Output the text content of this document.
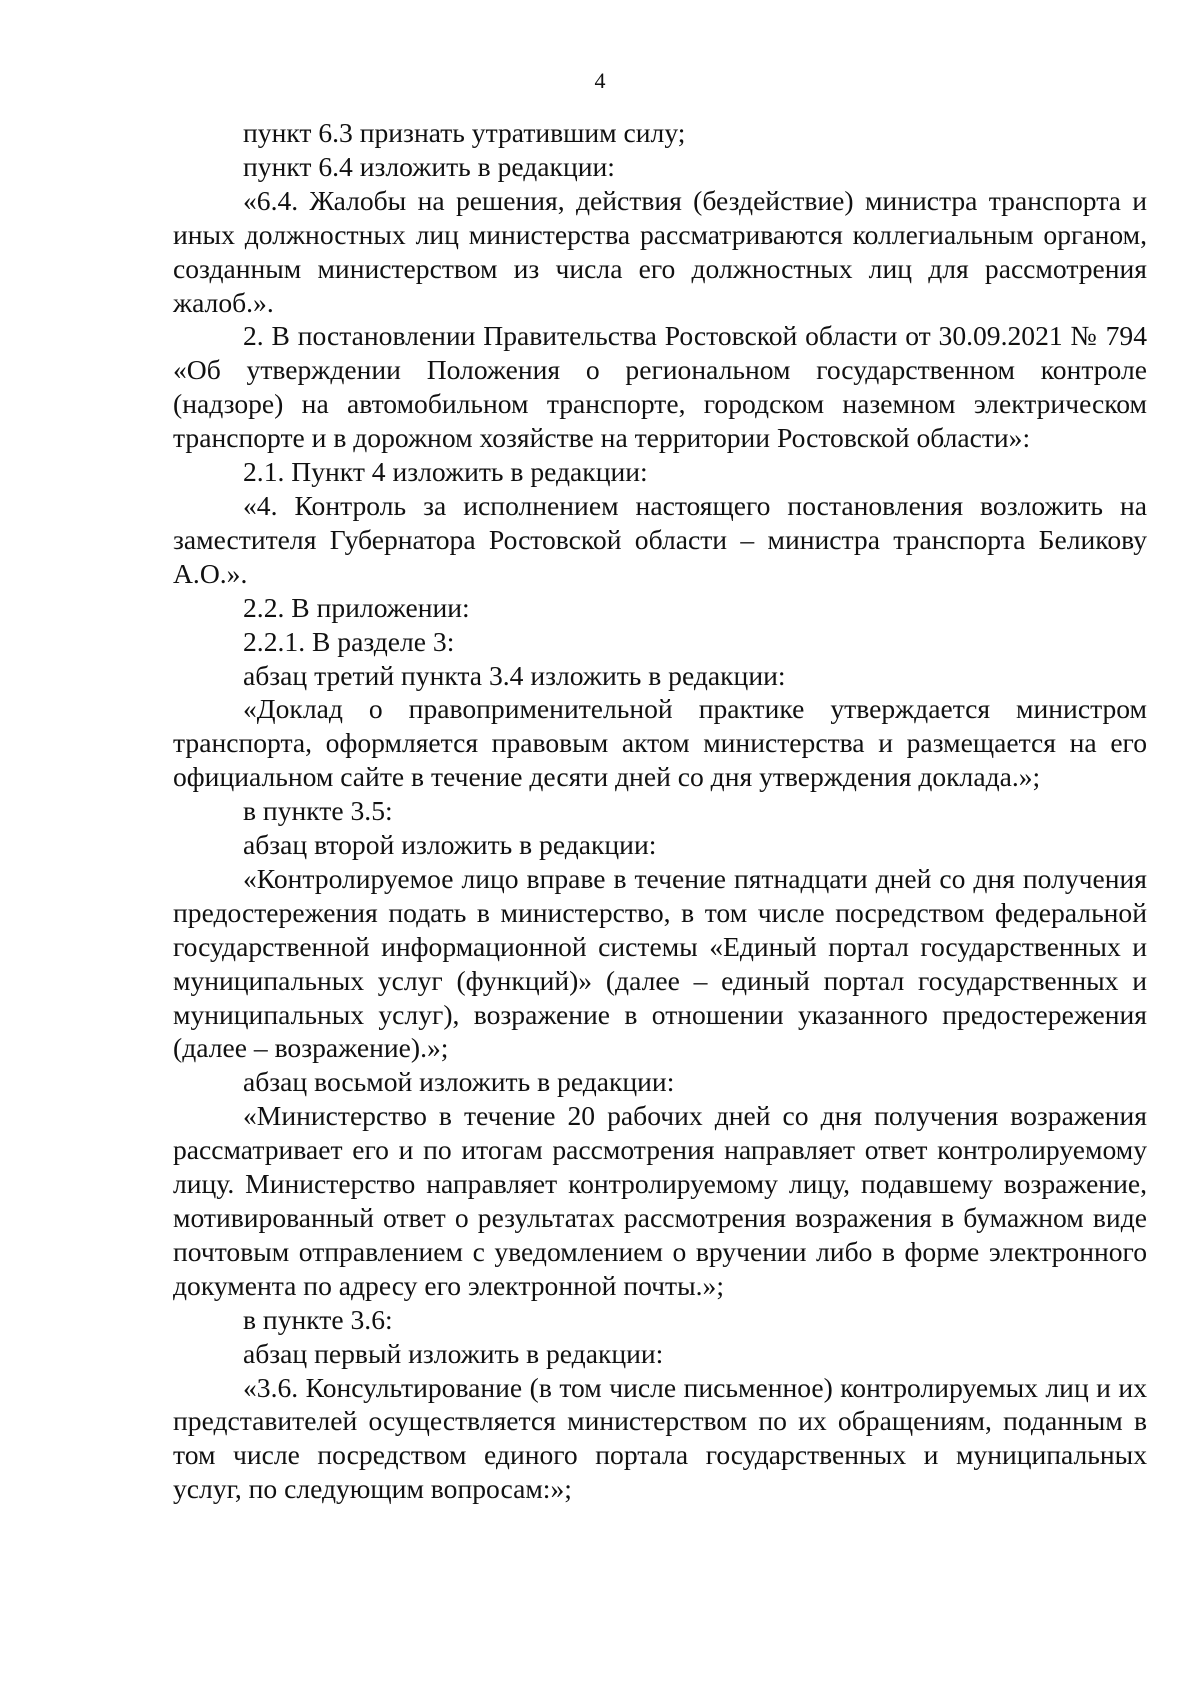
4

пункт 6.3 признать утратившим силу;

пункт 6.4 изложить в редакции:

«6.4. Жалобы на решения, действия (бездействие) министра транспорта и иных должностных лиц министерства рассматриваются коллегиальным органом, созданным министерством из числа его должностных лиц для рассмотрения жалоб.».

2. В постановлении Правительства Ростовской области от 30.09.2021 № 794 «Об утверждении Положения о региональном государственном контроле (надзоре) на автомобильном транспорте, городском наземном электрическом транспорте и в дорожном хозяйстве на территории Ростовской области»:

2.1. Пункт 4 изложить в редакции:

«4. Контроль за исполнением настоящего постановления возложить на заместителя Губернатора Ростовской области – министра транспорта Беликову А.О.».

2.2. В приложении:

2.2.1. В разделе 3:

абзац третий пункта 3.4 изложить в редакции:

«Доклад о правоприменительной практике утверждается министром транспорта, оформляется правовым актом министерства и размещается на его официальном сайте в течение десяти дней со дня утверждения доклада.»;

в пункте 3.5:

абзац второй изложить в редакции:

«Контролируемое лицо вправе в течение пятнадцати дней со дня получения предостережения подать в министерство, в том числе посредством федеральной государственной информационной системы «Единый портал государственных и муниципальных услуг (функций)» (далее – единый портал государственных и муниципальных услуг), возражение в отношении указанного предостережения (далее – возражение).»;

абзац восьмой изложить в редакции:

«Министерство в течение 20 рабочих дней со дня получения возражения рассматривает его и по итогам рассмотрения направляет ответ контролируемому лицу. Министерство направляет контролируемому лицу, подавшему возражение, мотивированный ответ о результатах рассмотрения возражения в бумажном виде почтовым отправлением с уведомлением о вручении либо в форме электронного документа по адресу его электронной почты.»;

в пункте 3.6:

абзац первый изложить в редакции:

«3.6. Консультирование (в том числе письменное) контролируемых лиц и их представителей осуществляется министерством по их обращениям, поданным в том числе посредством единого портала государственных и муниципальных услуг, по следующим вопросам:»;
